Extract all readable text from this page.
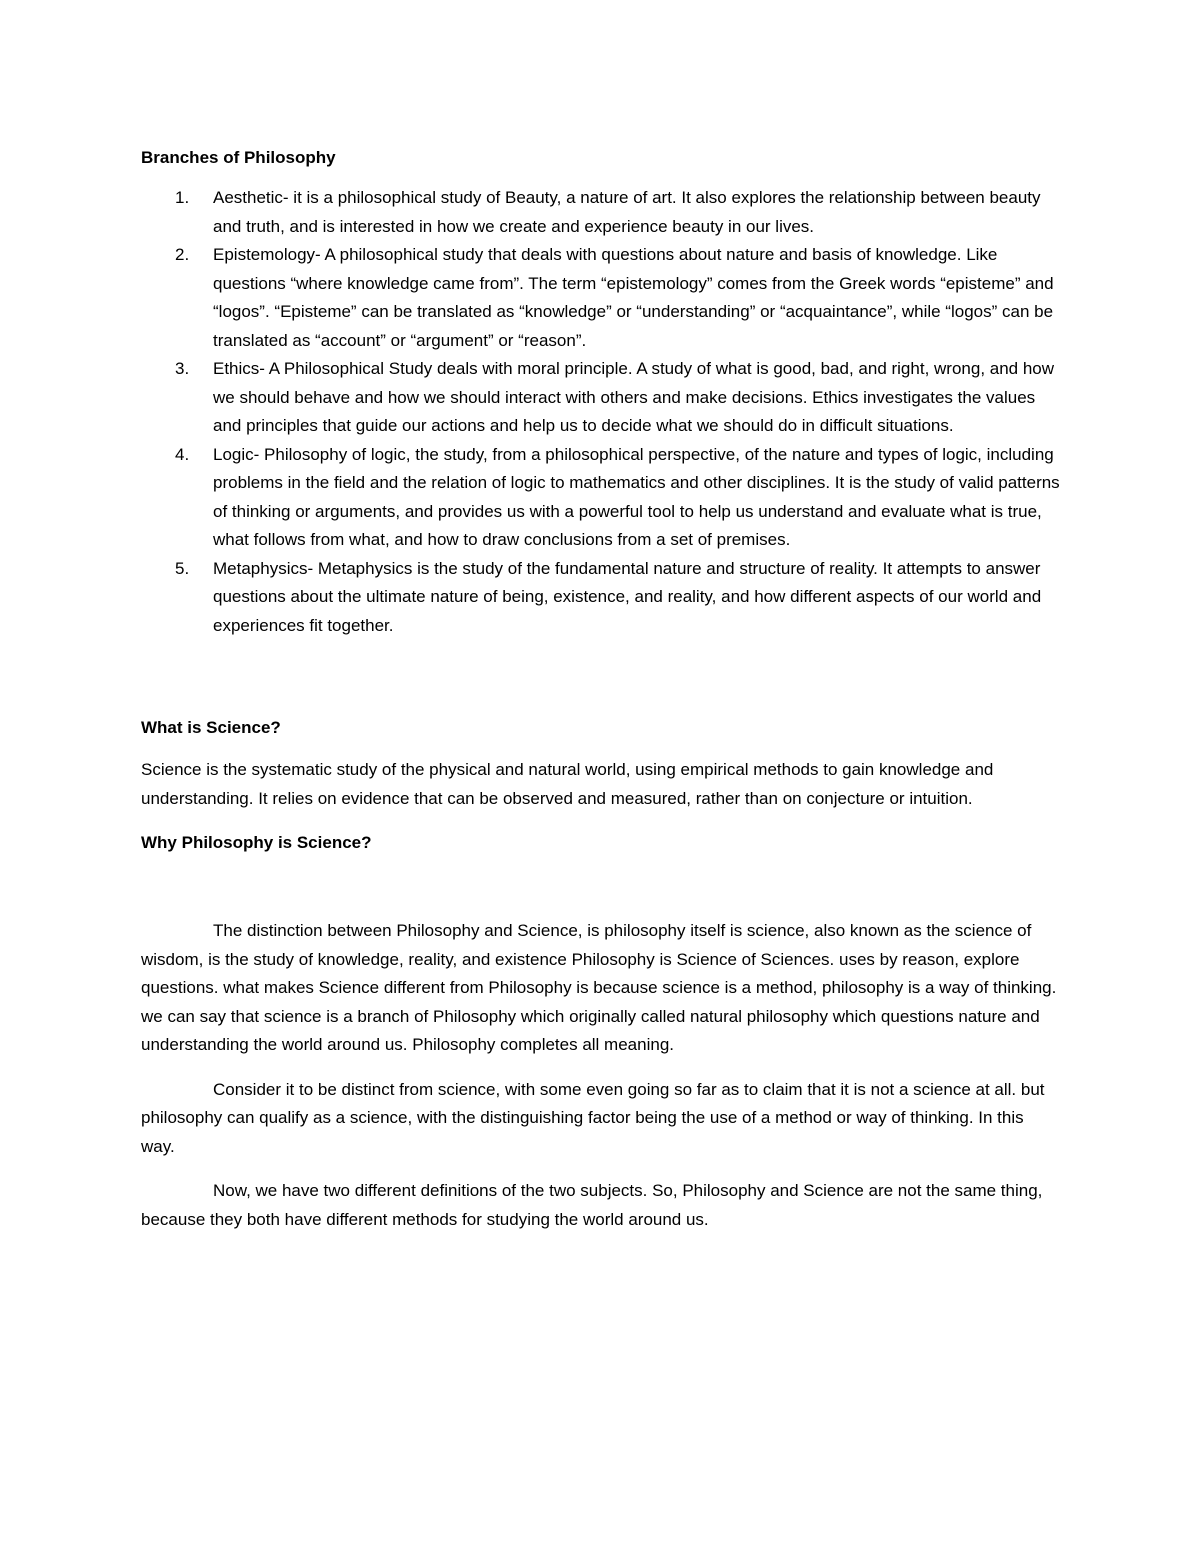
Branches of Philosophy
1. Aesthetic- it is a philosophical study of Beauty, a nature of art. It also explores the relationship between beauty and truth, and is interested in how we create and experience beauty in our lives.
2. Epistemology- A philosophical study that deals with questions about nature and basis of knowledge. Like questions “where knowledge came from”. The term “epistemology” comes from the Greek words “episteme” and “logos”. “Episteme” can be translated as “knowledge” or “understanding” or “acquaintance”, while “logos” can be translated as “account” or “argument” or “reason”.
3. Ethics- A Philosophical Study deals with moral principle. A study of what is good, bad, and right, wrong, and how we should behave and how we should interact with others and make decisions. Ethics investigates the values and principles that guide our actions and help us to decide what we should do in difficult situations.
4. Logic- Philosophy of logic, the study, from a philosophical perspective, of the nature and types of logic, including problems in the field and the relation of logic to mathematics and other disciplines. It is the study of valid patterns of thinking or arguments, and provides us with a powerful tool to help us understand and evaluate what is true, what follows from what, and how to draw conclusions from a set of premises.
5. Metaphysics- Metaphysics is the study of the fundamental nature and structure of reality. It attempts to answer questions about the ultimate nature of being, existence, and reality, and how different aspects of our world and experiences fit together.
What is Science?

Science is the systematic study of the physical and natural world, using empirical methods to gain knowledge and understanding. It relies on evidence that can be observed and measured, rather than on conjecture or intuition.

Why Philosophy is Science?

The distinction between Philosophy and Science, is philosophy itself is science, also known as the science of wisdom, is the study of knowledge, reality, and existence Philosophy is Science of Sciences. uses by reason, explore questions. what makes Science different from Philosophy is because science is a method, philosophy is a way of thinking. we can say that science is a branch of Philosophy which originally called natural philosophy which questions nature and understanding the world around us. Philosophy completes all meaning.

Consider it to be distinct from science, with some even going so far as to claim that it is not a science at all. but philosophy can qualify as a science, with the distinguishing factor being the use of a method or way of thinking. In this way.

Now, we have two different definitions of the two subjects. So, Philosophy and Science are not the same thing, because they both have different methods for studying the world around us.
